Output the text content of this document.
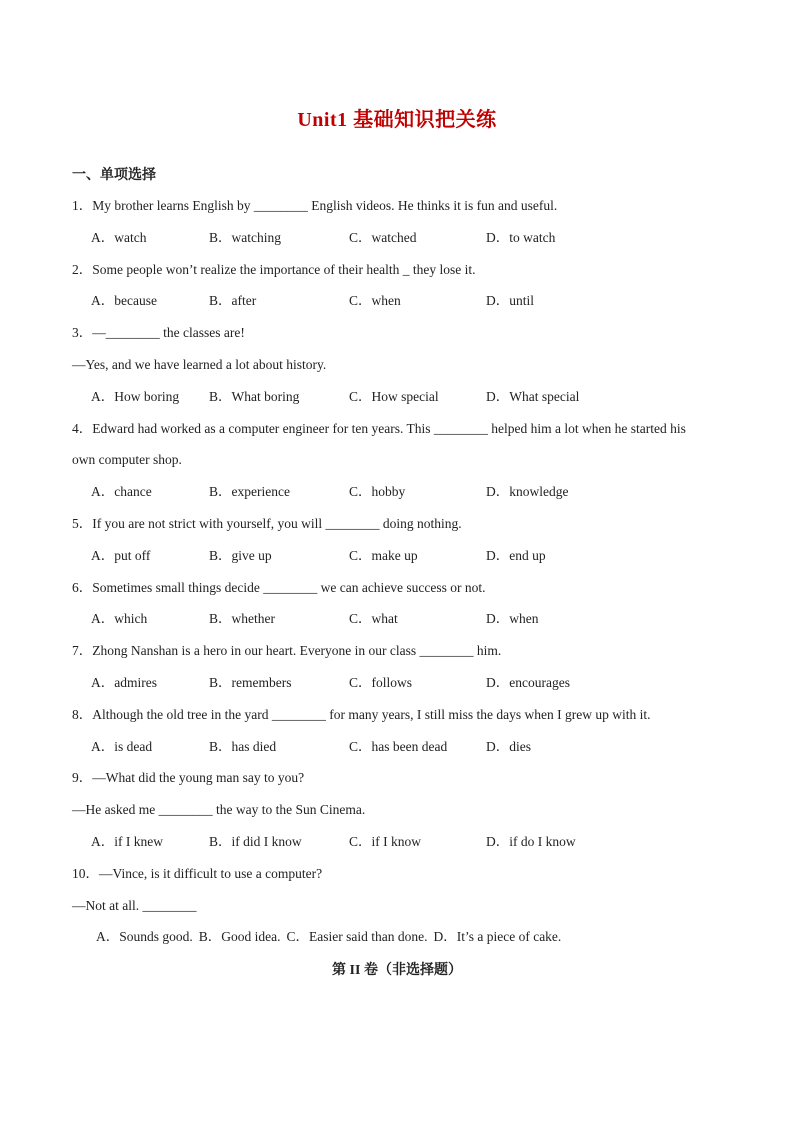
Unit1 基础知识把关练
一、单项选择
1．My brother learns English by ________ English videos. He thinks it is fun and useful.
A．watch	B．watching	C．watched	D．to watch
2．Some people won’t realize the importance of their health _ they lose it.
A．because	B．after	C．when	D．until
3．—________ the classes are!
—Yes, and we have learned a lot about history.
A．How boring B．What boring	C．How special	D．What special
4．Edward had worked as a computer engineer for ten years. This ________ helped him a lot when he started his
own computer shop.
A．chance	B．experience	C．hobby	D．knowledge
5．If you are not strict with yourself, you will ________ doing nothing.
A．put off	B．give up	C．make up	D．end up
6．Sometimes small things decide ________ we can achieve success or not.
A．which	B．whether	C．what	D．when
7．Zhong Nanshan is a hero in our heart. Everyone in our class ________ him.
A．admires	B．remembers	C．follows	D．encourages
8．Although the old tree in the yard ________ for many years, I still miss the days when I grew up with it.
A．is dead	B．has died	C．has been dead	D．dies
9．—What did the young man say to you?
—He asked me ________ the way to the Sun Cinema.
A．if I knew	B．if did I know	C．if I know	D．if do I know
10．—Vince, is it difficult to use a computer?
—Not at all. ________
A．Sounds good. B．Good idea. C．Easier said than done. D．It’s a piece of cake.
第 II 卷（非选择题）
